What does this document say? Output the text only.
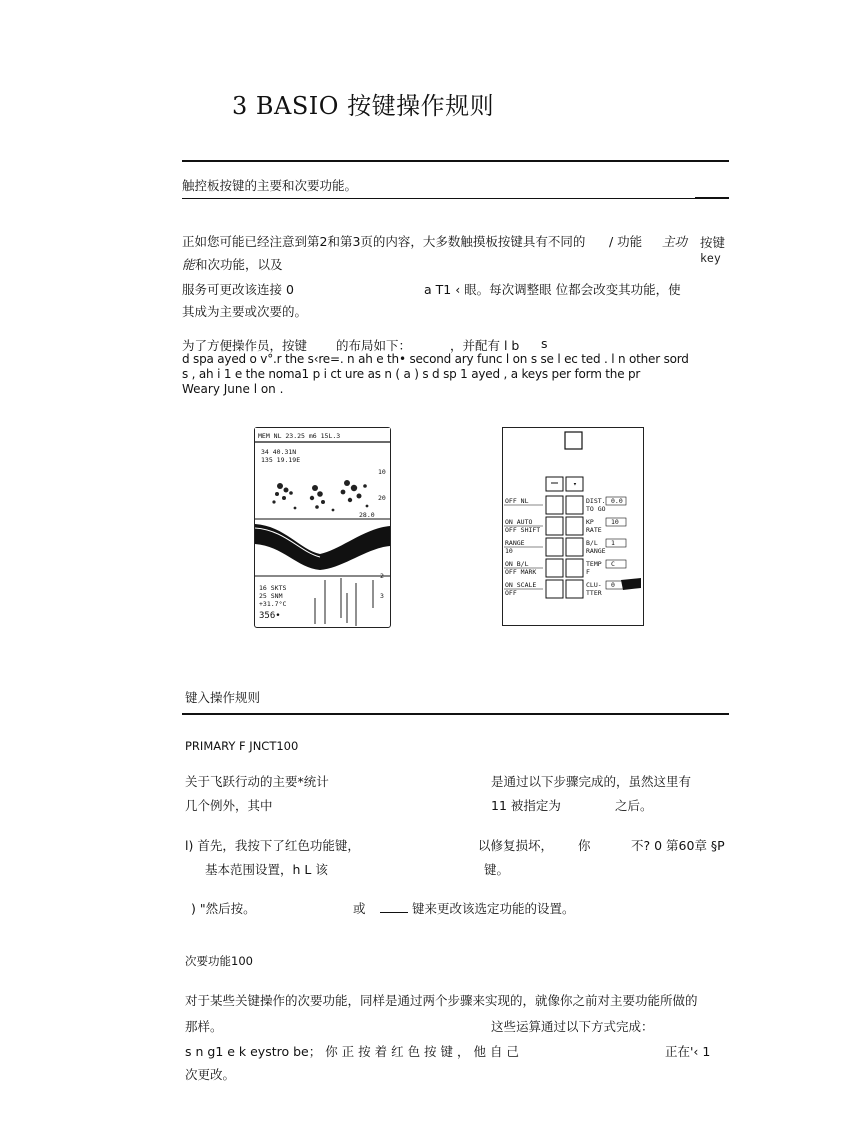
3 BASIO 按键操作规则
触控板按键的主要和次要功能。
正如您可能已经注意到第2和第3页的内容，大多数触摸板按键具有不同的 / 功能 主功 按键
key
能 和次功能，以及
服务可更改该连接 0	a T1 ‹ 眼。每次调整眼 位都会改变其功能，使
其成为主要或次要的。
为了方便操作员，按键 的布局如下：	，并配有 l b s
d spa ayed o v°.r the s‹re=. n ah e th• second ary func l on s se l ec ted . l n other sord
s , ah i 1 e the noma1 p i ct ure as n ( a ) s d sp 1 ayed , a keys per form the pr
Weary June l on .
MEM NL 23.25 m6 15L.3
34 40.31N
135 19.19E
10
20
28.0
2
3
16 SKTS
25 SNM
+31.7°C
356•
▾
OFF NL	DIST.
TO GO
0.0
ON AUTO
OFF SHIFT
KP
RATE
10
RANGE
10
B/L
RANGE
1
ON B/L
OFF MARK
TEMP
F
C
ON SCALE
OFF
CLU-
TTER
0
键入操作规则
PRIMARY F JNCT100
关于飞跃行动的主要*统计	是通过以下步骤完成的，虽然这里有
几个例外，其中	11 被指定为	之后。
l) 首先，我按下了红色功能键，	以修复损坏， 你	不? 0 第60章 §P
基本范围设置，h L 该	键。
) "然后按。	或	键来更改该选定功能的设置。
次要功能100
对于某些关键操作的次要功能，同样是通过两个步骤来实现的，就像你之前对主要功能所做的
那样。	这些运算通过以下方式完成：
s n g1 e k eystro be； 你 正 按 着 红 色 按 键 ， 他 自 己	正在'‹ 1
次更改。
